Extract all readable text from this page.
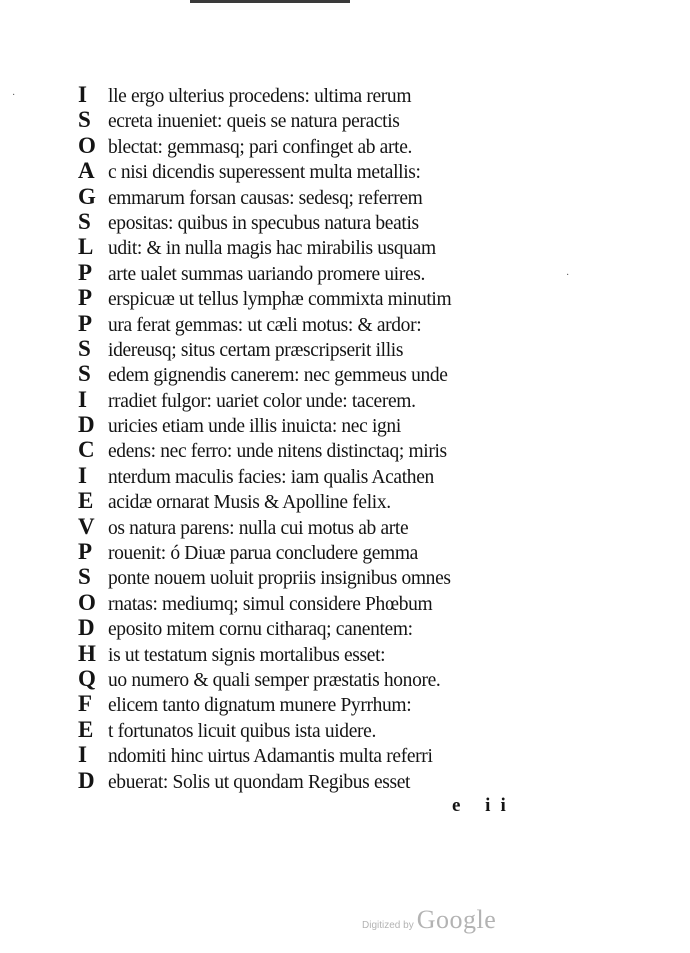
·
·
I	lle ergo ulterius procedens: ultima rerum
S ecreta inueniet: queis se natura peractis
O blectat: gemmasq; pari confinget ab arte.
A c nisi dicendis superessent multa metallis:
G emmarum forsan causas: sedesq; referrem
S epositas: quibus in specubus natura beatis
L udit: & in nulla magis hac mirabilis usquam
P arte ualet summas uariando promere uires.
P erspicuæ ut tellus lymphæ commixta minutim
P ura ferat gemmas: ut cæli motus: & ardor:
S idereusq; situs certam præscripserit illis
S edem gignendis canerem: nec gemmeus unde
I	rradiet fulgor: uariet color unde: tacerem.
D uricies etiam unde illis inuicta: nec igni
C edens: nec ferro: unde nitens distinctaq; miris
I	nterdum maculis facies: iam qualis Acathen
E acidæ ornarat Musis & Apolline felix.
V os natura parens: nulla cui motus ab arte
P rouenit: ó Diuæ parua concludere gemma
S ponte nouem uoluit propriis insignibus omnes
O rnatas: mediumq; simul considere Phœbum
D eposito mitem cornu citharaq; canentem:
H is ut testatum signis mortalibus esset:
Q uo numero & quali semper præstatis honore.
F elicem tanto dignatum munere Pyrrhum:
E t fortunatos licuit quibus ista uidere.
I	ndomiti hinc uirtus Adamantis multa referri
D ebuerat: Solis ut quondam Regibus esset
e ii
Digitized by Google
